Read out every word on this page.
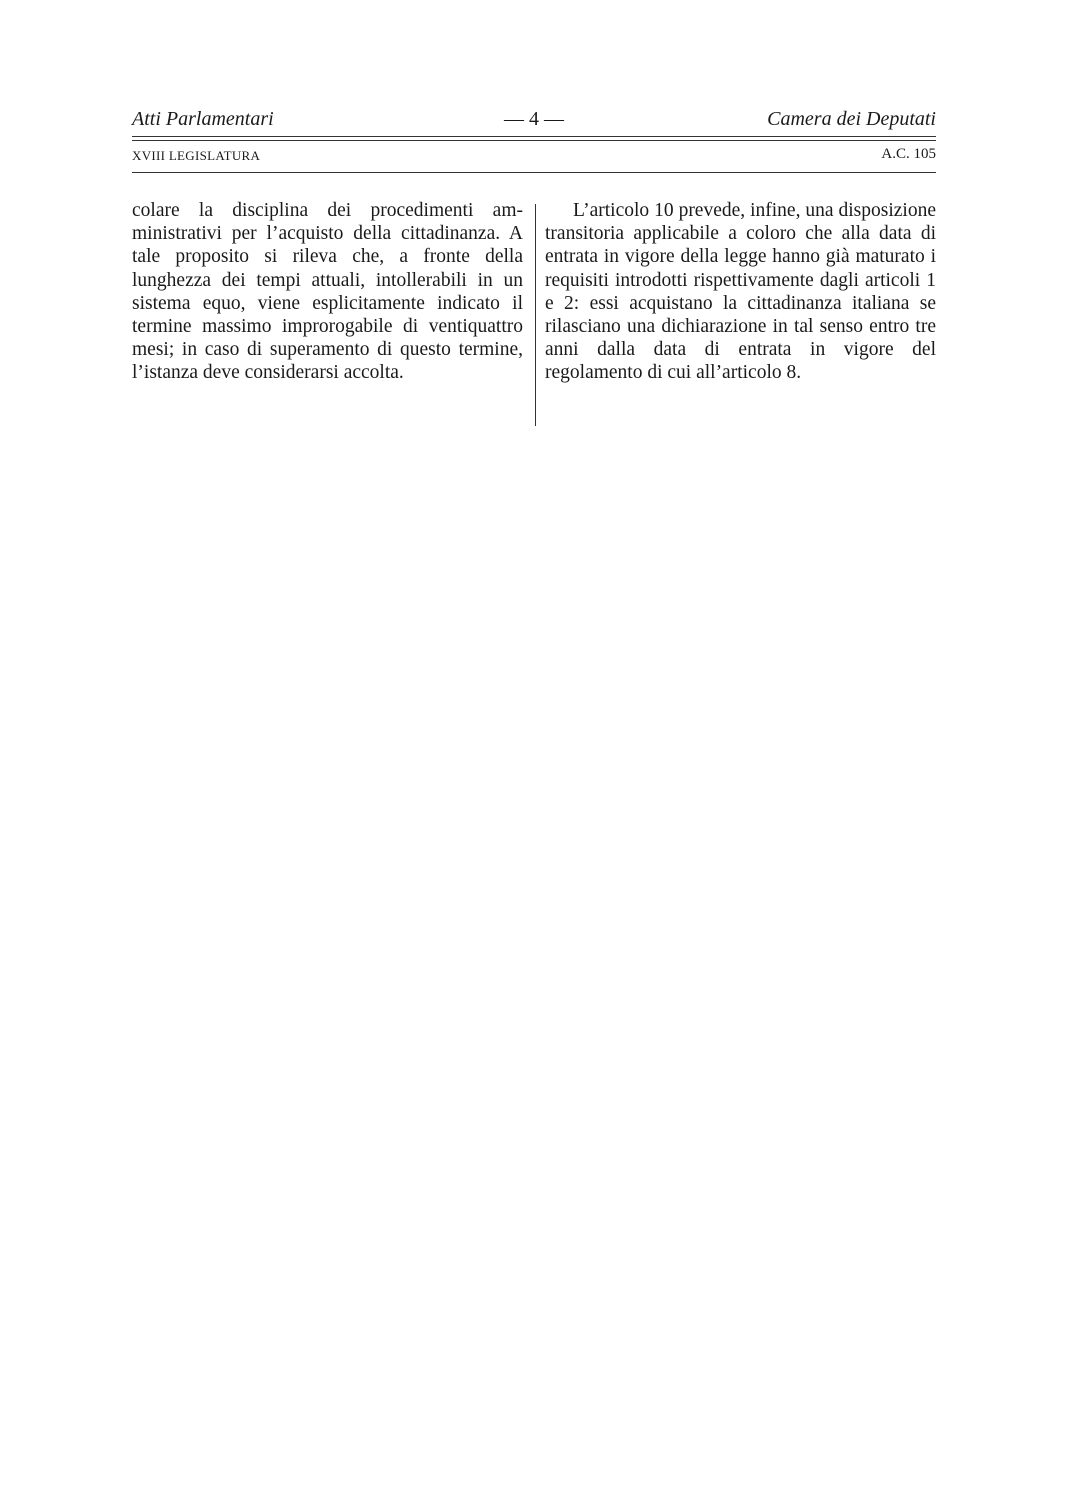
Atti Parlamentari	— 4 —	Camera dei Deputati
XVIII LEGISLATURA	A.C. 105

colare la disciplina dei procedimenti amministrativi per l’acquisto della cittadinanza. A tale proposito si rileva che, a fronte della lunghezza dei tempi attuali, intollerabili in un sistema equo, viene esplicitamente indicato il termine massimo improrogabile di ventiquattro mesi; in caso di superamento di questo termine, l’istanza deve considerarsi accolta.

L’articolo 10 prevede, infine, una disposizione transitoria applicabile a coloro che alla data di entrata in vigore della legge hanno già maturato i requisiti introdotti rispettivamente dagli articoli 1 e 2: essi acquistano la cittadinanza italiana se rilasciano una dichiarazione in tal senso entro tre anni dalla data di entrata in vigore del regolamento di cui all’articolo 8.
